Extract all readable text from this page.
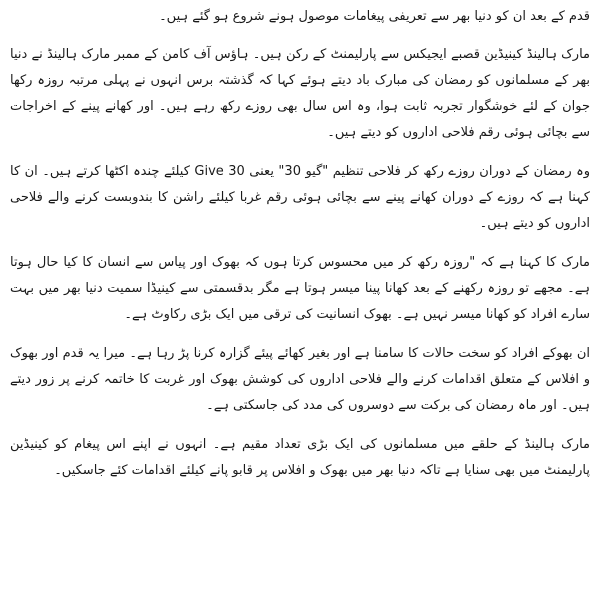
قدم کے بعد ان کو دنیا بھر سے تعریفی پیغامات موصول ہونے شروع ہو گئے ہیں۔

مارک ہالینڈ کینیڈین قصبے ایجیکس سے پارلیمنٹ کے رکن ہیں۔ ہاؤس آف کامن کے ممبر مارک ہالینڈ نے دنیا بھر کے مسلمانوں کو رمضان کی مبارک باد دیتے ہوئے کہا کہ گذشتہ برس انہوں نے پہلی مرتبہ روزہ رکھا جوان کے لئے خوشگوار تجربہ ثابت ہوا، وہ اس سال بھی روزے رکھ رہے ہیں۔ اور کھانے پینے کے اخراجات سے بچائی ہوئی رقم فلاحی اداروں کو دیتے ہیں۔

وہ رمضان کے دوران روزے رکھ کر فلاحی تنظیم "گیو 30" یعنی Give 30 کیلئے چندہ اکٹھا کرتے ہیں۔ ان کا کہنا ہے کہ روزے کے دوران کھانے پینے سے بچائی ہوئی رقم غربا کیلئے راشن کا بندوبست کرنے والے فلاحی اداروں کو دیتے ہیں۔

مارک کا کہنا ہے کہ "روزہ رکھ کر میں محسوس کرتا ہوں کہ بھوک اور پیاس سے انسان کا کیا حال ہوتا ہے۔ مجھے تو روزہ رکھنے کے بعد کھانا پینا میسر ہوتا ہے مگر بدقسمتی سے کینیڈا سمیت دنیا بھر میں بہت سارے افراد کو کھانا میسر نہیں ہے۔ بھوک انسانیت کی ترقی میں ایک بڑی رکاوٹ ہے۔

ان بھوکے افراد کو سخت حالات کا سامنا ہے اور بغیر کھائے پیئے گزارہ کرنا پڑ رہا ہے۔ میرا یہ قدم اور بھوک و افلاس کے متعلق اقدامات کرنے والے فلاحی اداروں کی کوشش بھوک اور غربت کا خاتمہ کرنے پر زور دیتے ہیں۔ اور ماہ رمضان کی برکت سے دوسروں کی مدد کی جاسکتی ہے۔

مارک ہالینڈ کے حلقے میں مسلمانوں کی ایک بڑی تعداد مقیم ہے۔ انہوں نے اپنے اس پیغام کو کینیڈین پارلیمنٹ میں بھی سنایا ہے تاکہ دنیا بھر میں بھوک و افلاس پر قابو پانے کیلئے اقدامات کئے جاسکیں۔
